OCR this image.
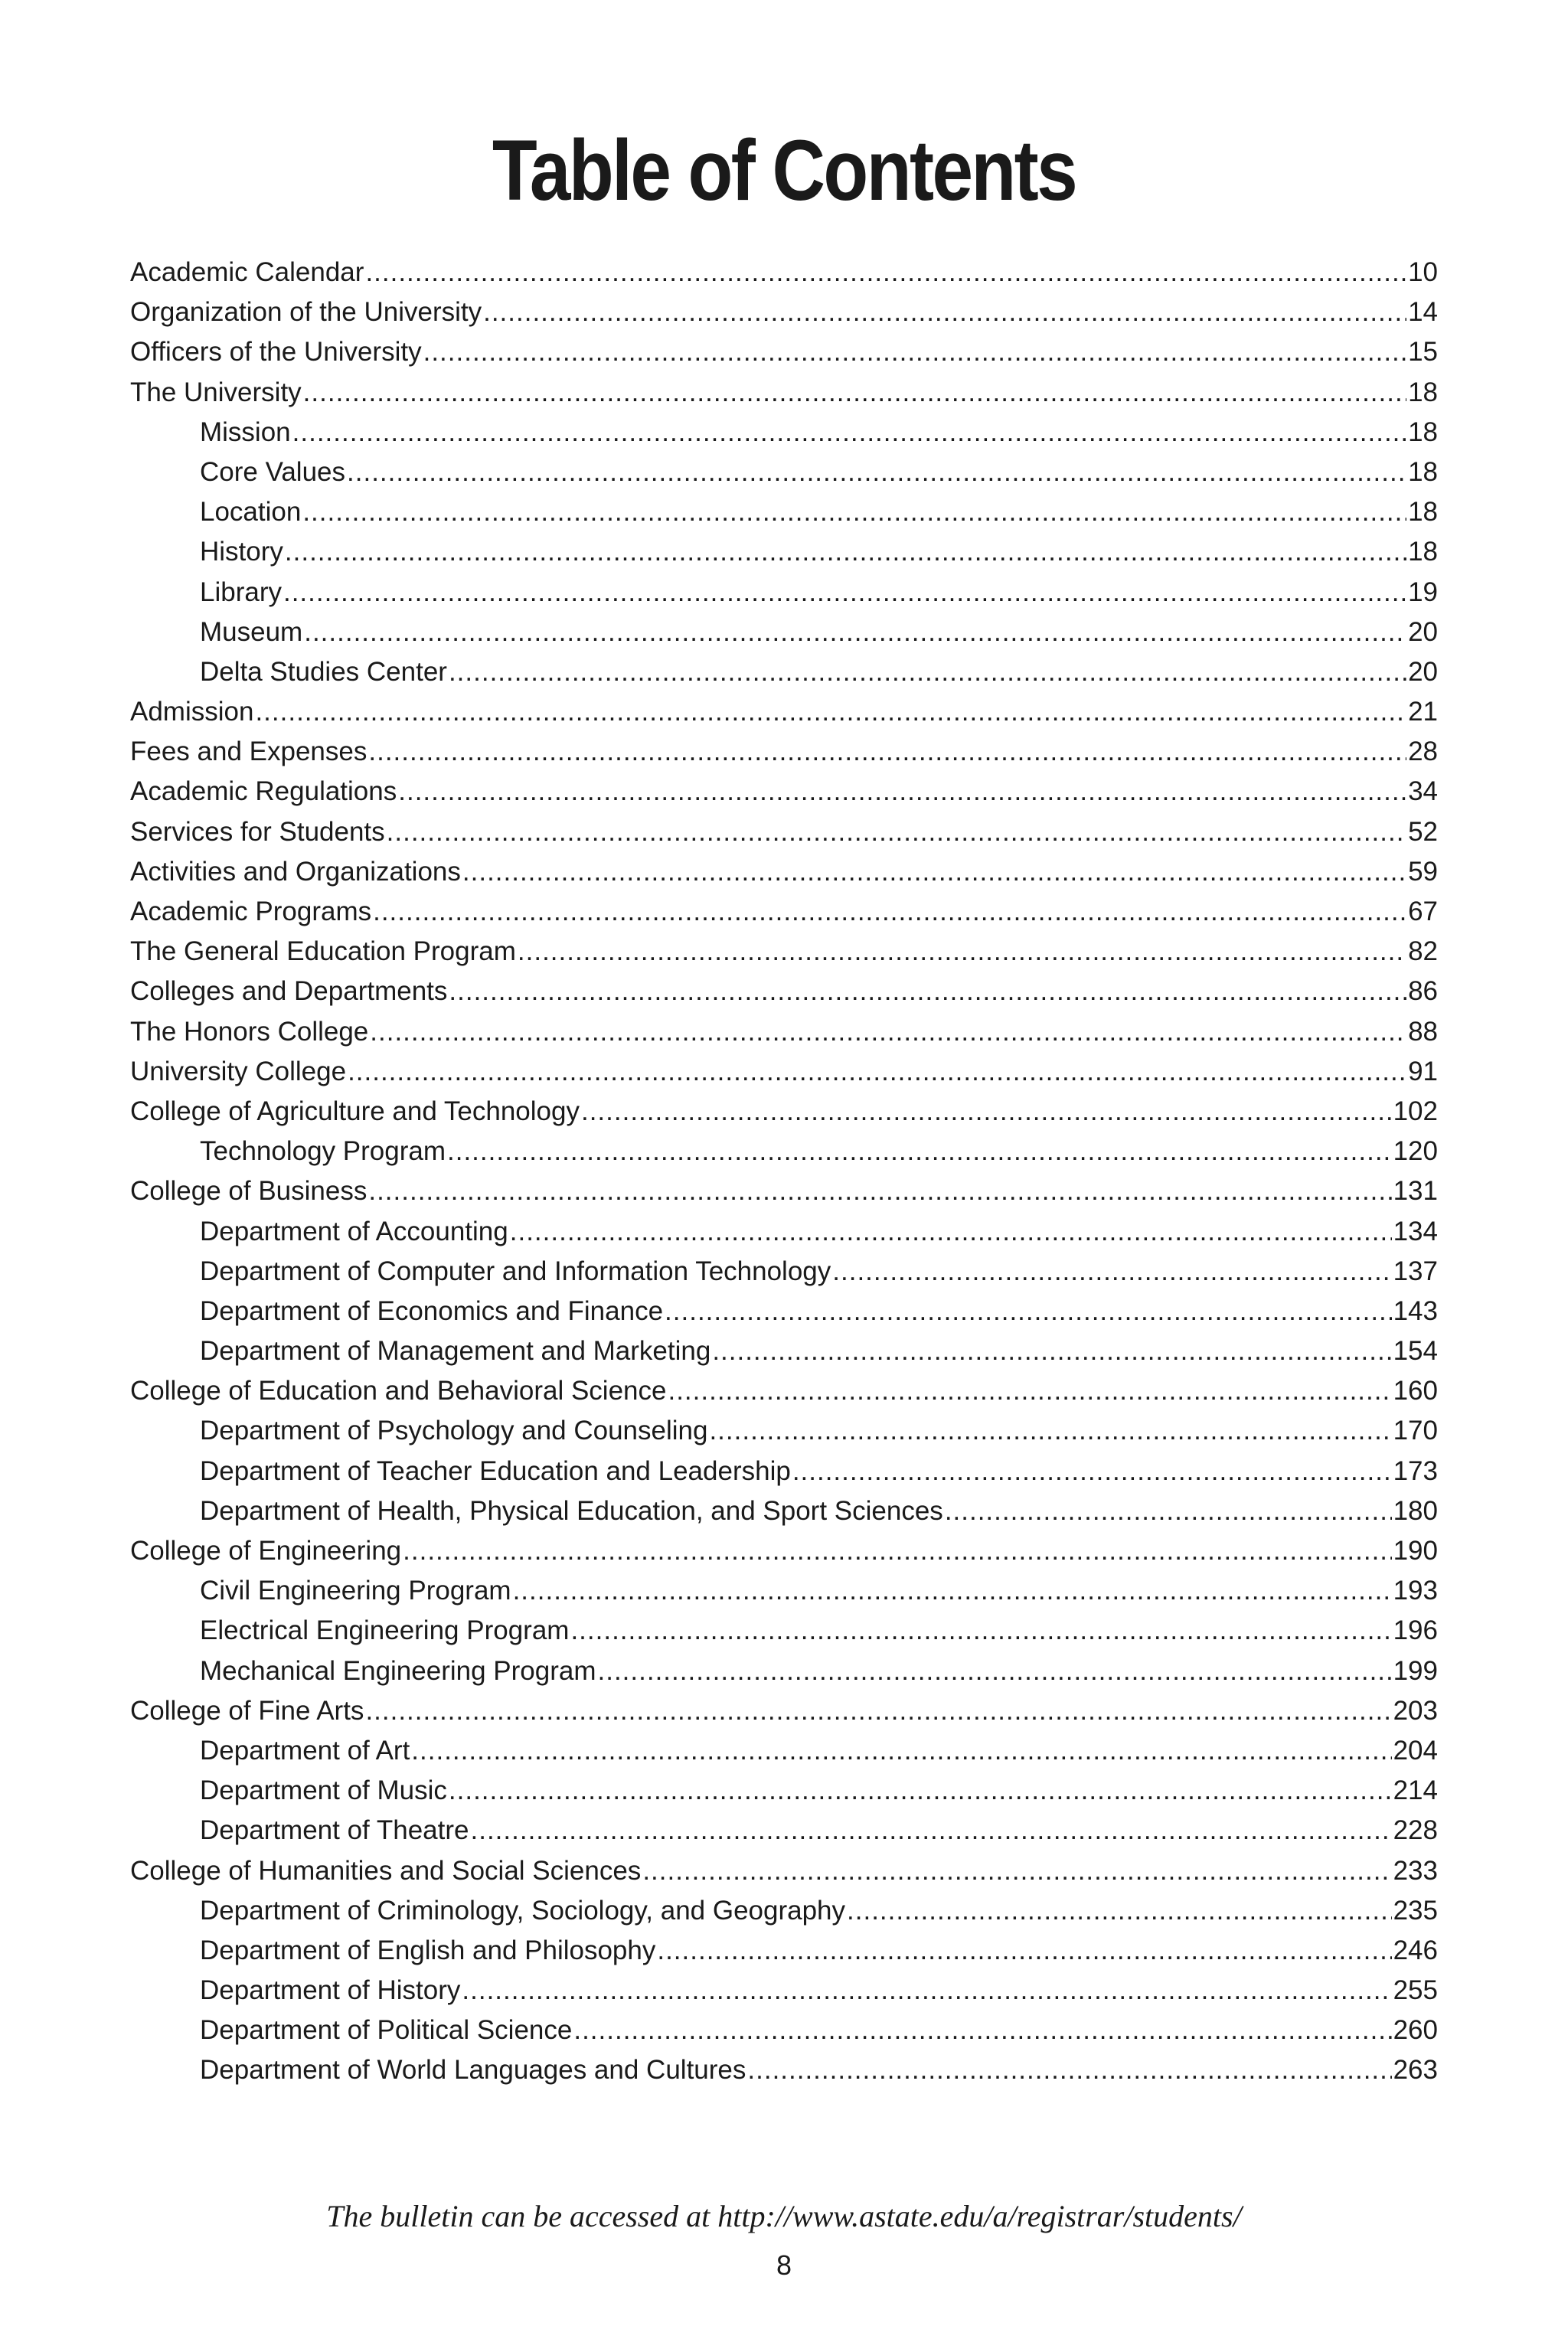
Table of Contents
Academic Calendar .....	10
Organization of the University .....	14
Officers of the University .....	15
The University .....	18
Mission .....	18
Core Values .....	18
Location .....	18
History .....	18
Library .....	19
Museum .....	20
Delta Studies Center .....	20
Admission .....	21
Fees and Expenses .....	28
Academic Regulations .....	34
Services for Students .....	52
Activities and Organizations .....	59
Academic Programs .....	67
The General Education Program .....	82
Colleges and Departments .....	86
The Honors College .....	88
University College .....	91
College of Agriculture and Technology .....	102
Technology Program .....	120
College of Business .....	131
Department of Accounting .....	134
Department of Computer and Information Technology .....	137
Department of Economics and Finance .....	143
Department of Management and Marketing .....	154
College of Education and Behavioral Science .....	160
Department of Psychology and Counseling .....	170
Department of Teacher Education and Leadership .....	173
Department of Health, Physical Education, and Sport Sciences .....	180
College of Engineering .....	190
Civil Engineering Program .....	193
Electrical Engineering Program .....	196
Mechanical Engineering Program .....	199
College of Fine Arts .....	203
Department of Art .....	204
Department of Music .....	214
Department of Theatre .....	228
College of Humanities and Social Sciences .....	233
Department of Criminology, Sociology, and Geography .....	235
Department of English and Philosophy .....	246
Department of History .....	255
Department of Political Science .....	260
Department of World Languages and Cultures .....	263
The bulletin can be accessed at http://www.astate.edu/a/registrar/students/
8
